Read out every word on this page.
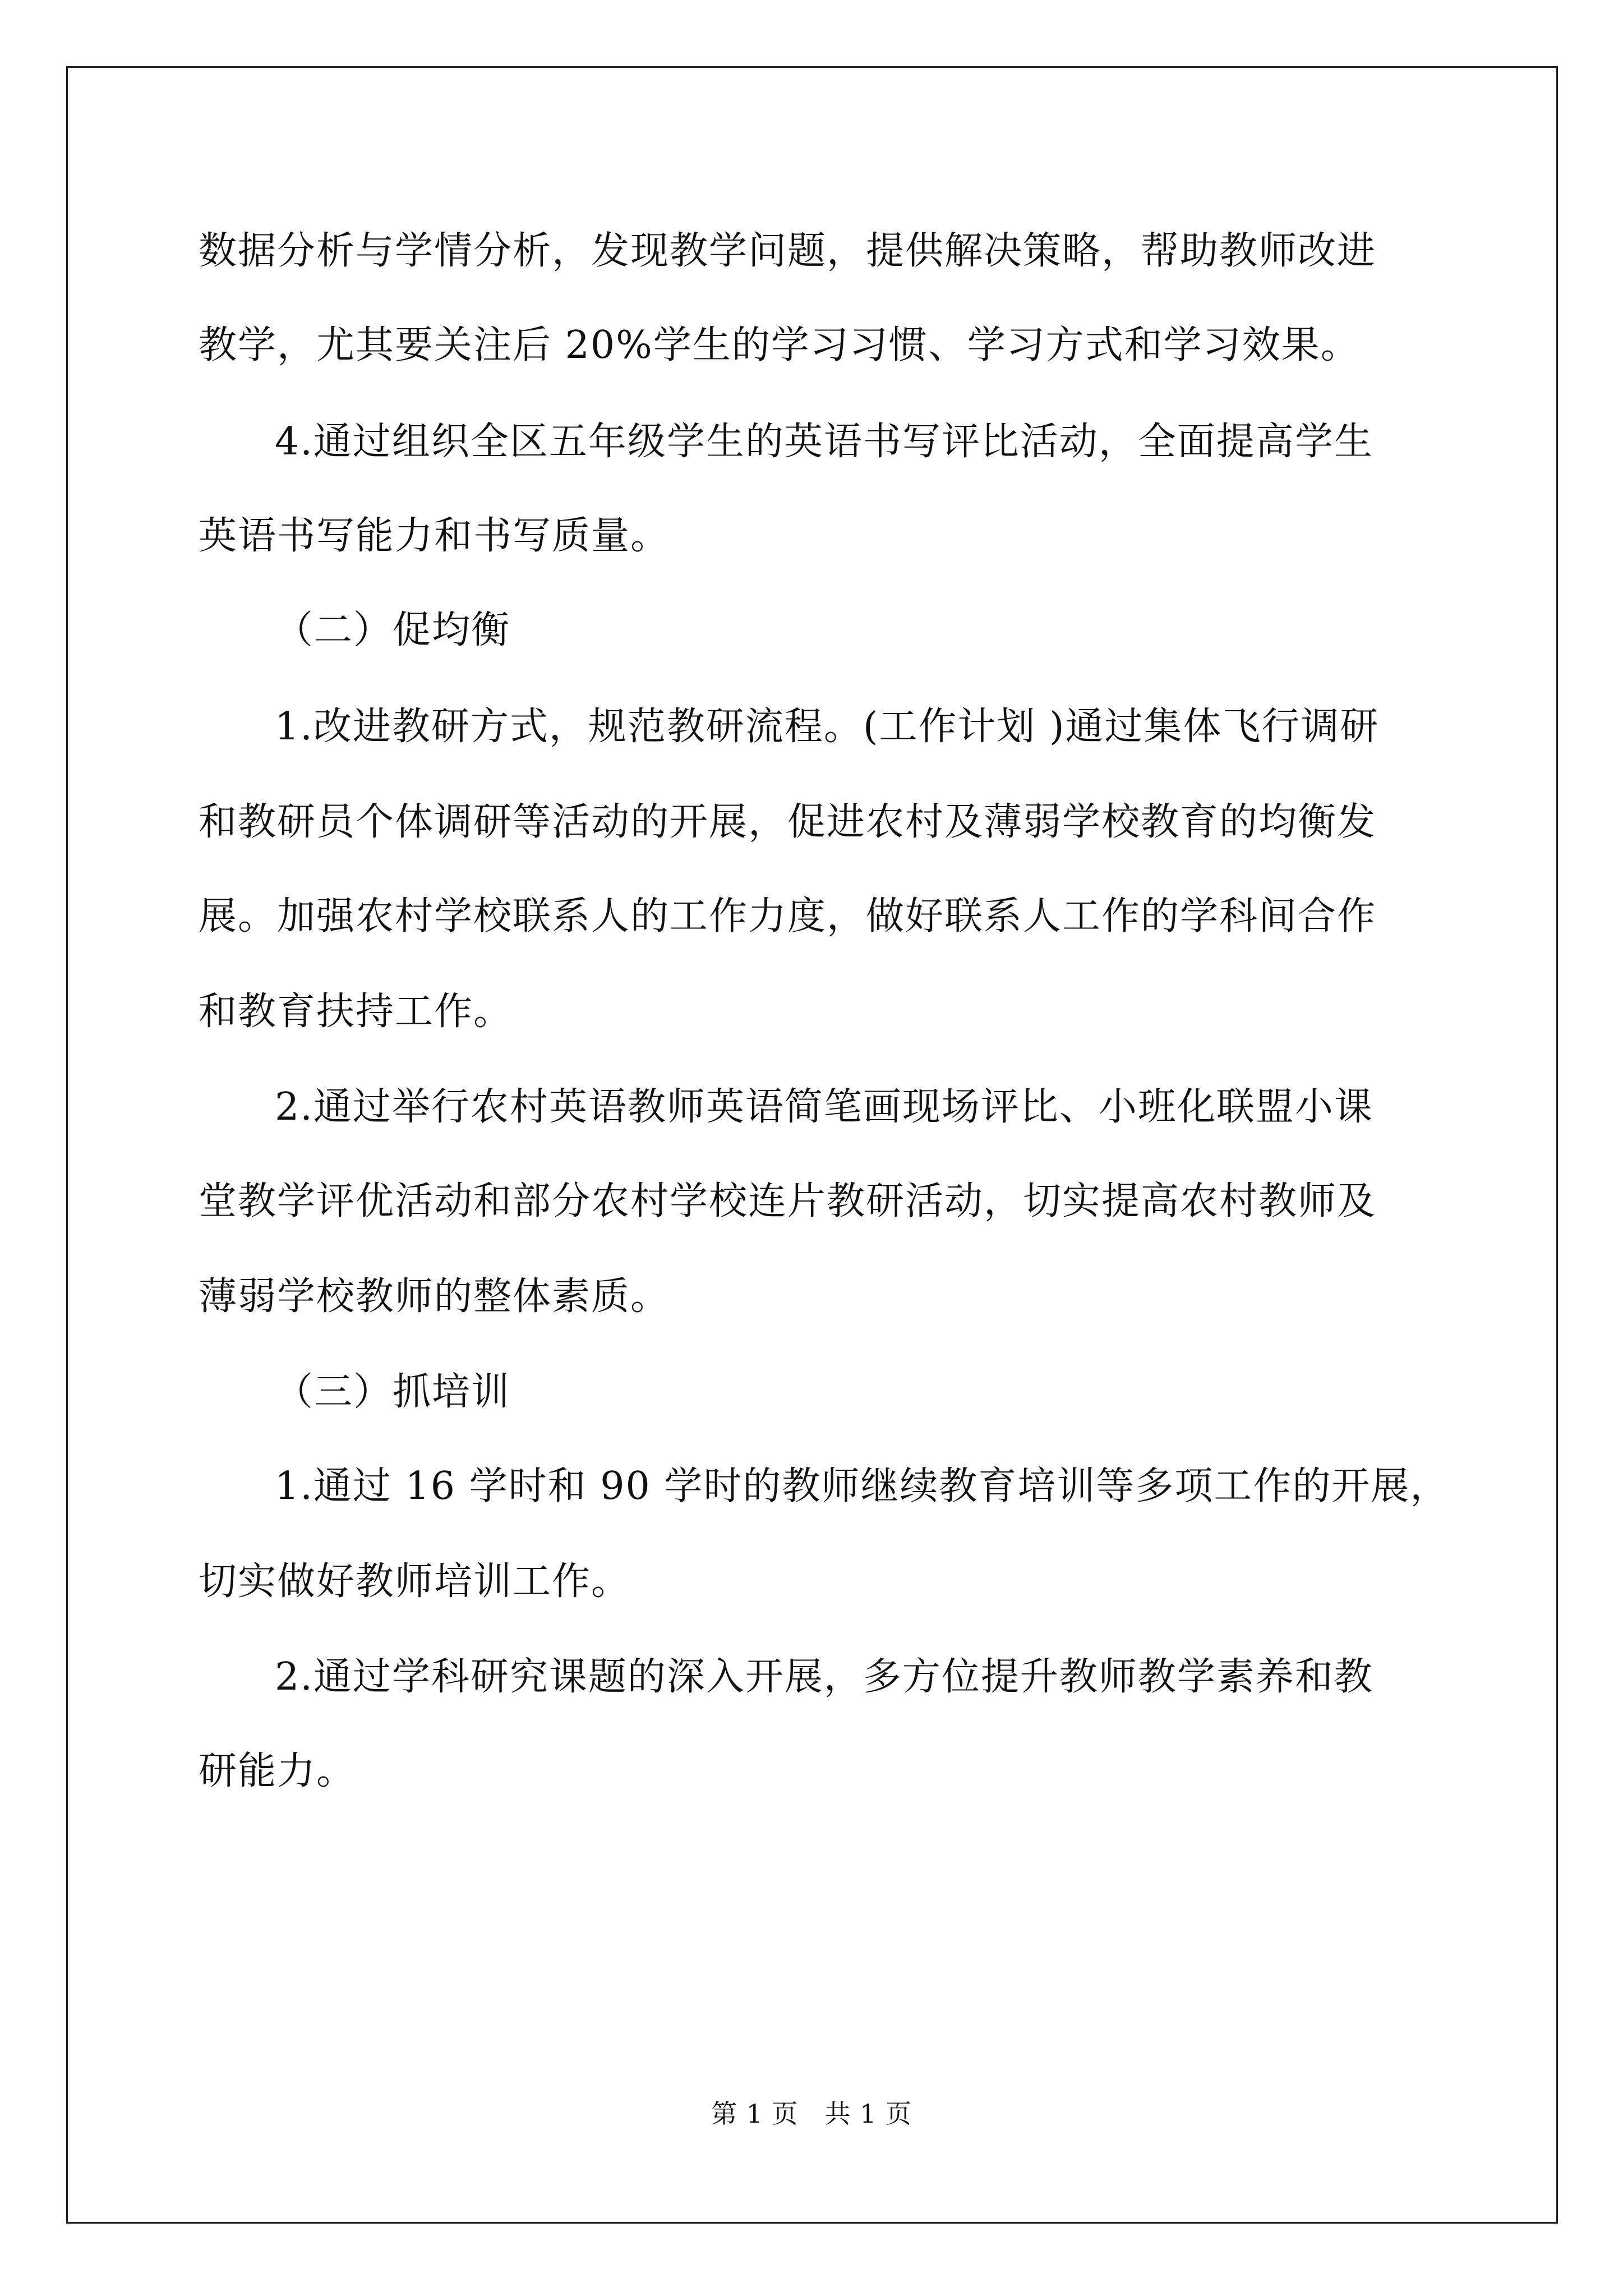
数据分析与学情分析，发现教学问题，提供解决策略，帮助教师改进
教学，尤其要关注后 20%学生的学习习惯、学习方式和学习效果。
4.通过组织全区五年级学生的英语书写评比活动，全面提高学生
英语书写能力和书写质量。
（二）促均衡
1.改进教研方式，规范教研流程。(工作计划 )通过集体飞行调研
和教研员个体调研等活动的开展，促进农村及薄弱学校教育的均衡发
展。加强农村学校联系人的工作力度，做好联系人工作的学科间合作
和教育扶持工作。
2.通过举行农村英语教师英语简笔画现场评比、小班化联盟小课
堂教学评优活动和部分农村学校连片教研活动，切实提高农村教师及
薄弱学校教师的整体素质。
（三）抓培训
1.通过 16 学时和 90 学时的教师继续教育培训等多项工作的开展，
切实做好教师培训工作。
2.通过学科研究课题的深入开展，多方位提升教师教学素养和教
研能力。
第 1 页　共 1 页
